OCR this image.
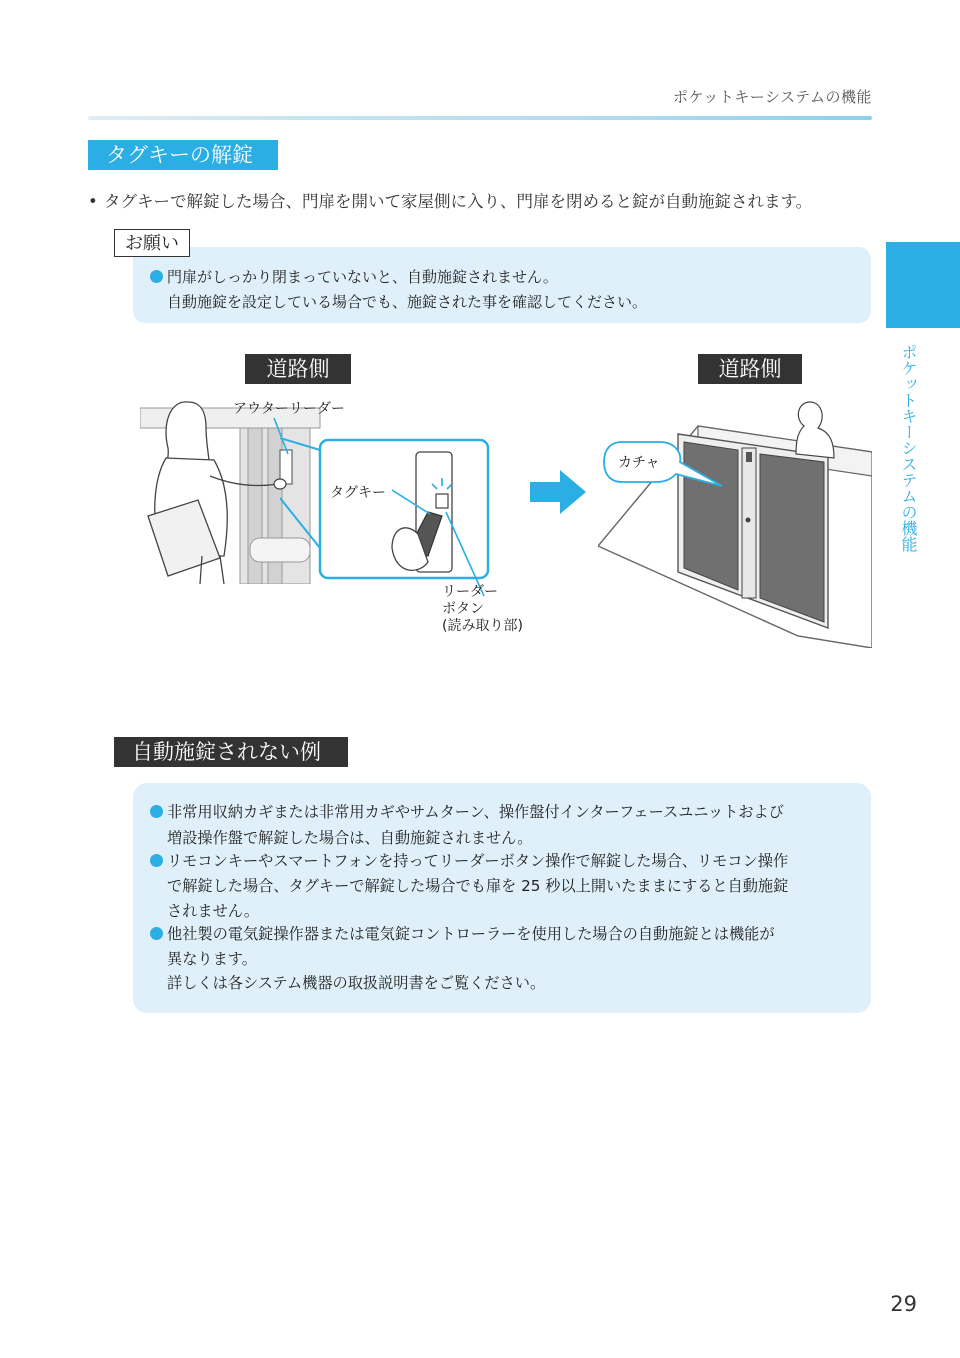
ポケットキーシステムの機能
ポケットキーシステムの機能
タグキーの解錠
• タグキーで解錠した場合、門扉を開いて家屋側に入り、門扉を閉めると錠が自動施錠されます。
お願い
門扉がしっかり閉まっていないと、自動施錠されません。
自動施錠を設定している場合でも、施錠された事を確認してください。
道路側	道路側
アウターリーダー
タグキー
リーダー
ボタン
(読み取り部)
カチャ
自動施錠されない例
非常用収納カギまたは非常用カギやサムターン、操作盤付インターフェースユニットおよび
増設操作盤で解錠した場合は、自動施錠されません。
リモコンキーやスマートフォンを持ってリーダーボタン操作で解錠した場合、リモコン操作
で解錠した場合、タグキーで解錠した場合でも扉を 25 秒以上開いたままにすると自動施錠
されません。
他社製の電気錠操作器または電気錠コントローラーを使用した場合の自動施錠とは機能が
異なります。
詳しくは各システム機器の取扱説明書をご覧ください。
29
